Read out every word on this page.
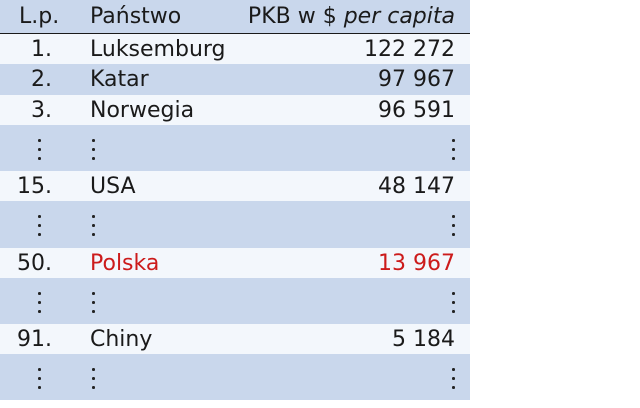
L.p. Państwo	PKB w $ per capita
1. Luksemburg	122 272
2. Katar	97 967
3. Norwegia	96 591
15. USA	48 147
50. Polska	13 967
91. Chiny	5 184
